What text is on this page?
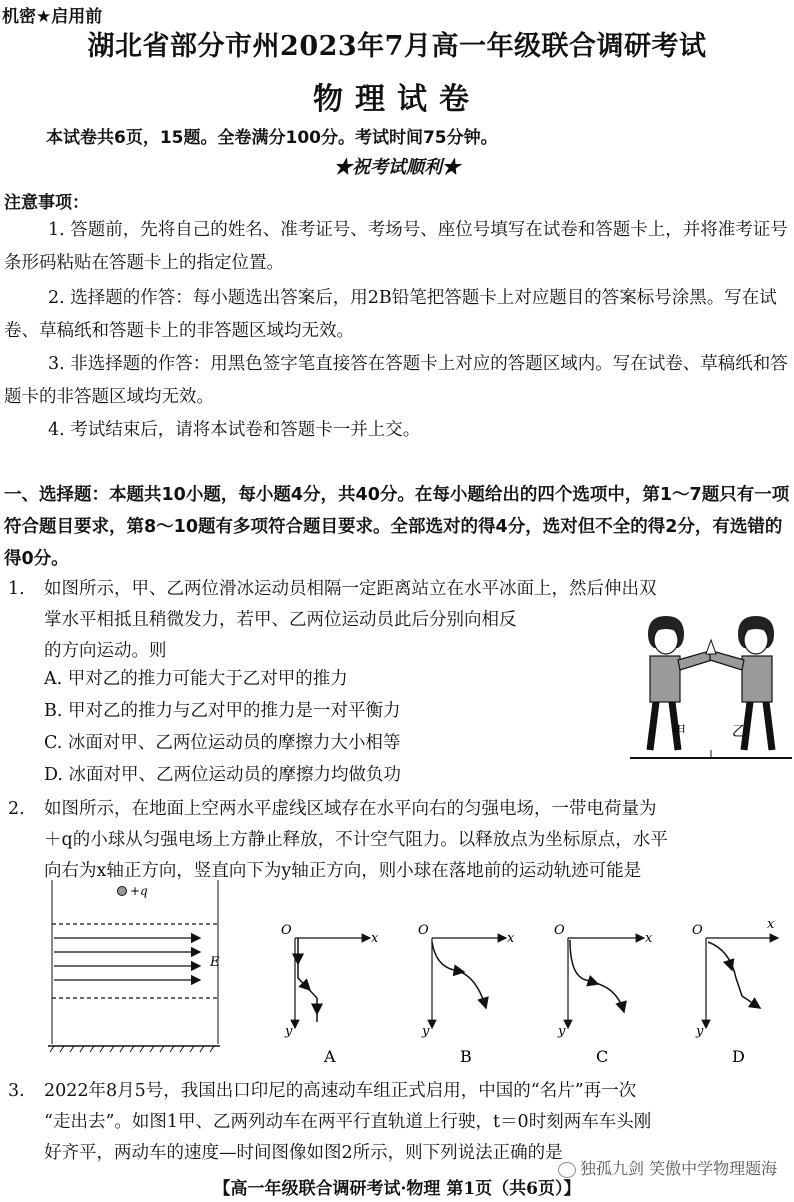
机密★启用前
湖北省部分市州2023年7月高一年级联合调研考试
物理试卷
本试卷共6页，15题。全卷满分100分。考试时间75分钟。
★祝考试顺利★
注意事项：
1. 答题前，先将自己的姓名、准考证号、考场号、座位号填写在试卷和答题卡上，并将准考证号条形码粘贴在答题卡上的指定位置。
2. 选择题的作答：每小题选出答案后，用2B铅笔把答题卡上对应题目的答案标号涂黑。写在试卷、草稿纸和答题卡上的非答题区域均无效。
3. 非选择题的作答：用黑色签字笔直接答在答题卡上对应的答题区域内。写在试卷、草稿纸和答题卡的非答题区域均无效。
4. 考试结束后，请将本试卷和答题卡一并上交。
一、选择题：本题共10小题，每小题4分，共40分。在每小题给出的四个选项中，第1～7题只有一项符合题目要求，第8～10题有多项符合题目要求。全部选对的得4分，选对但不全的得2分，有选错的得0分。
1. 如图所示，甲、乙两位滑冰运动员相隔一定距离站立在水平冰面上，然后伸出双
掌水平相抵且稍微发力，若甲、乙两位运动员此后分别向相反
的方向运动。则
A. 甲对乙的推力可能大于乙对甲的推力
B. 甲对乙的推力与乙对甲的推力是一对平衡力
C. 冰面对甲、乙两位运动员的摩擦力大小相等
D. 冰面对甲、乙两位运动员的摩擦力均做负功
甲	乙
2. 如图所示，在地面上空两水平虚线区域存在水平向右的匀强电场，一带电荷量为
＋q的小球从匀强电场上方静止释放，不计空气阻力。以释放点为坐标原点，水平
向右为x轴正方向，竖直向下为y轴正方向，则小球在落地前的运动轨迹可能是
+q
E
O
x
y
A
O
x
y
B
O
x
y
C
O	x
y
D
3. 2022年8月5号，我国出口印尼的高速动车组正式启用，中国的“名片”再一次
“走出去”。如图1甲、乙两列动车在两平行直轨道上行驶，t＝0时刻两车车头刚
好齐平，两动车的速度—时间图像如图2所示，则下列说法正确的是
独孤九剑 笑傲中学物理题海
【高一年级联合调研考试·物理 第1页（共6页）】
